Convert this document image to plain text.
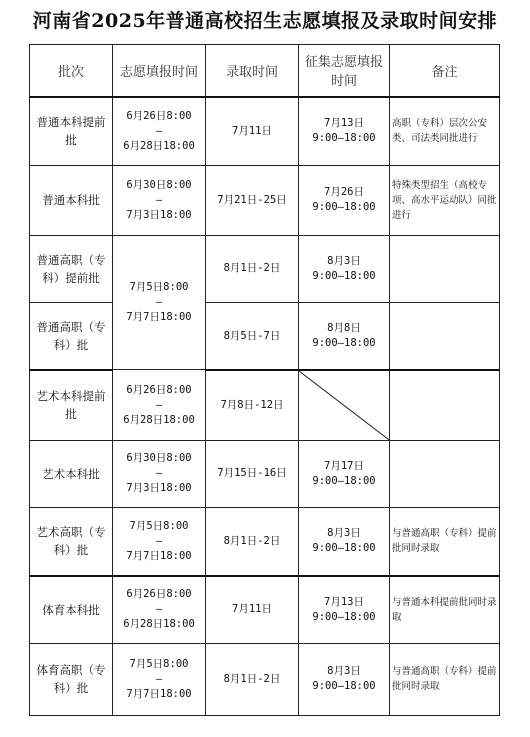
河南省2025年普通高校招生志愿填报及录取时间安排
批次	志愿填报时间	录取时间	征集志愿填报时间	备注
普通本科提前批	6月26日8:00
—
6月28日18:00	7月11日	7月13日
9:00—18:00	高职（专科）层次公安类、司法类同批进行
普通本科批	6月30日8:00
—
7月3日18:00	7月21日-25日	7月26日
9:00—18:00	特殊类型招生（高校专项、高水平运动队）同批进行
普通高职（专科）提前批	7月5日8:00
—
7月7日18:00	8月1日-2日	8月3日
9:00—18:00	

普通高职（专科）批		8月5日-7日	8月8日
9:00—18:00	

艺术本科提前批	6月26日8:00
—
6月28日18:00	7月8日-12日	

艺术本科批	6月30日8:00
—
7月3日18:00	7月15日-16日	7月17日
9:00—18:00	

艺术高职（专科）批	7月5日8:00
—
7月7日18:00	8月1日-2日	8月3日
9:00—18:00	与普通高职（专科）提前批同时录取
体育本科批	6月26日8:00
—
6月28日18:00	7月11日	7月13日
9:00—18:00	与普通本科提前批同时录取
体育高职（专科）批	7月5日8:00
—
7月7日18:00	8月1日-2日	8月3日
9:00—18:00	与普通高职（专科）提前批同时录取
